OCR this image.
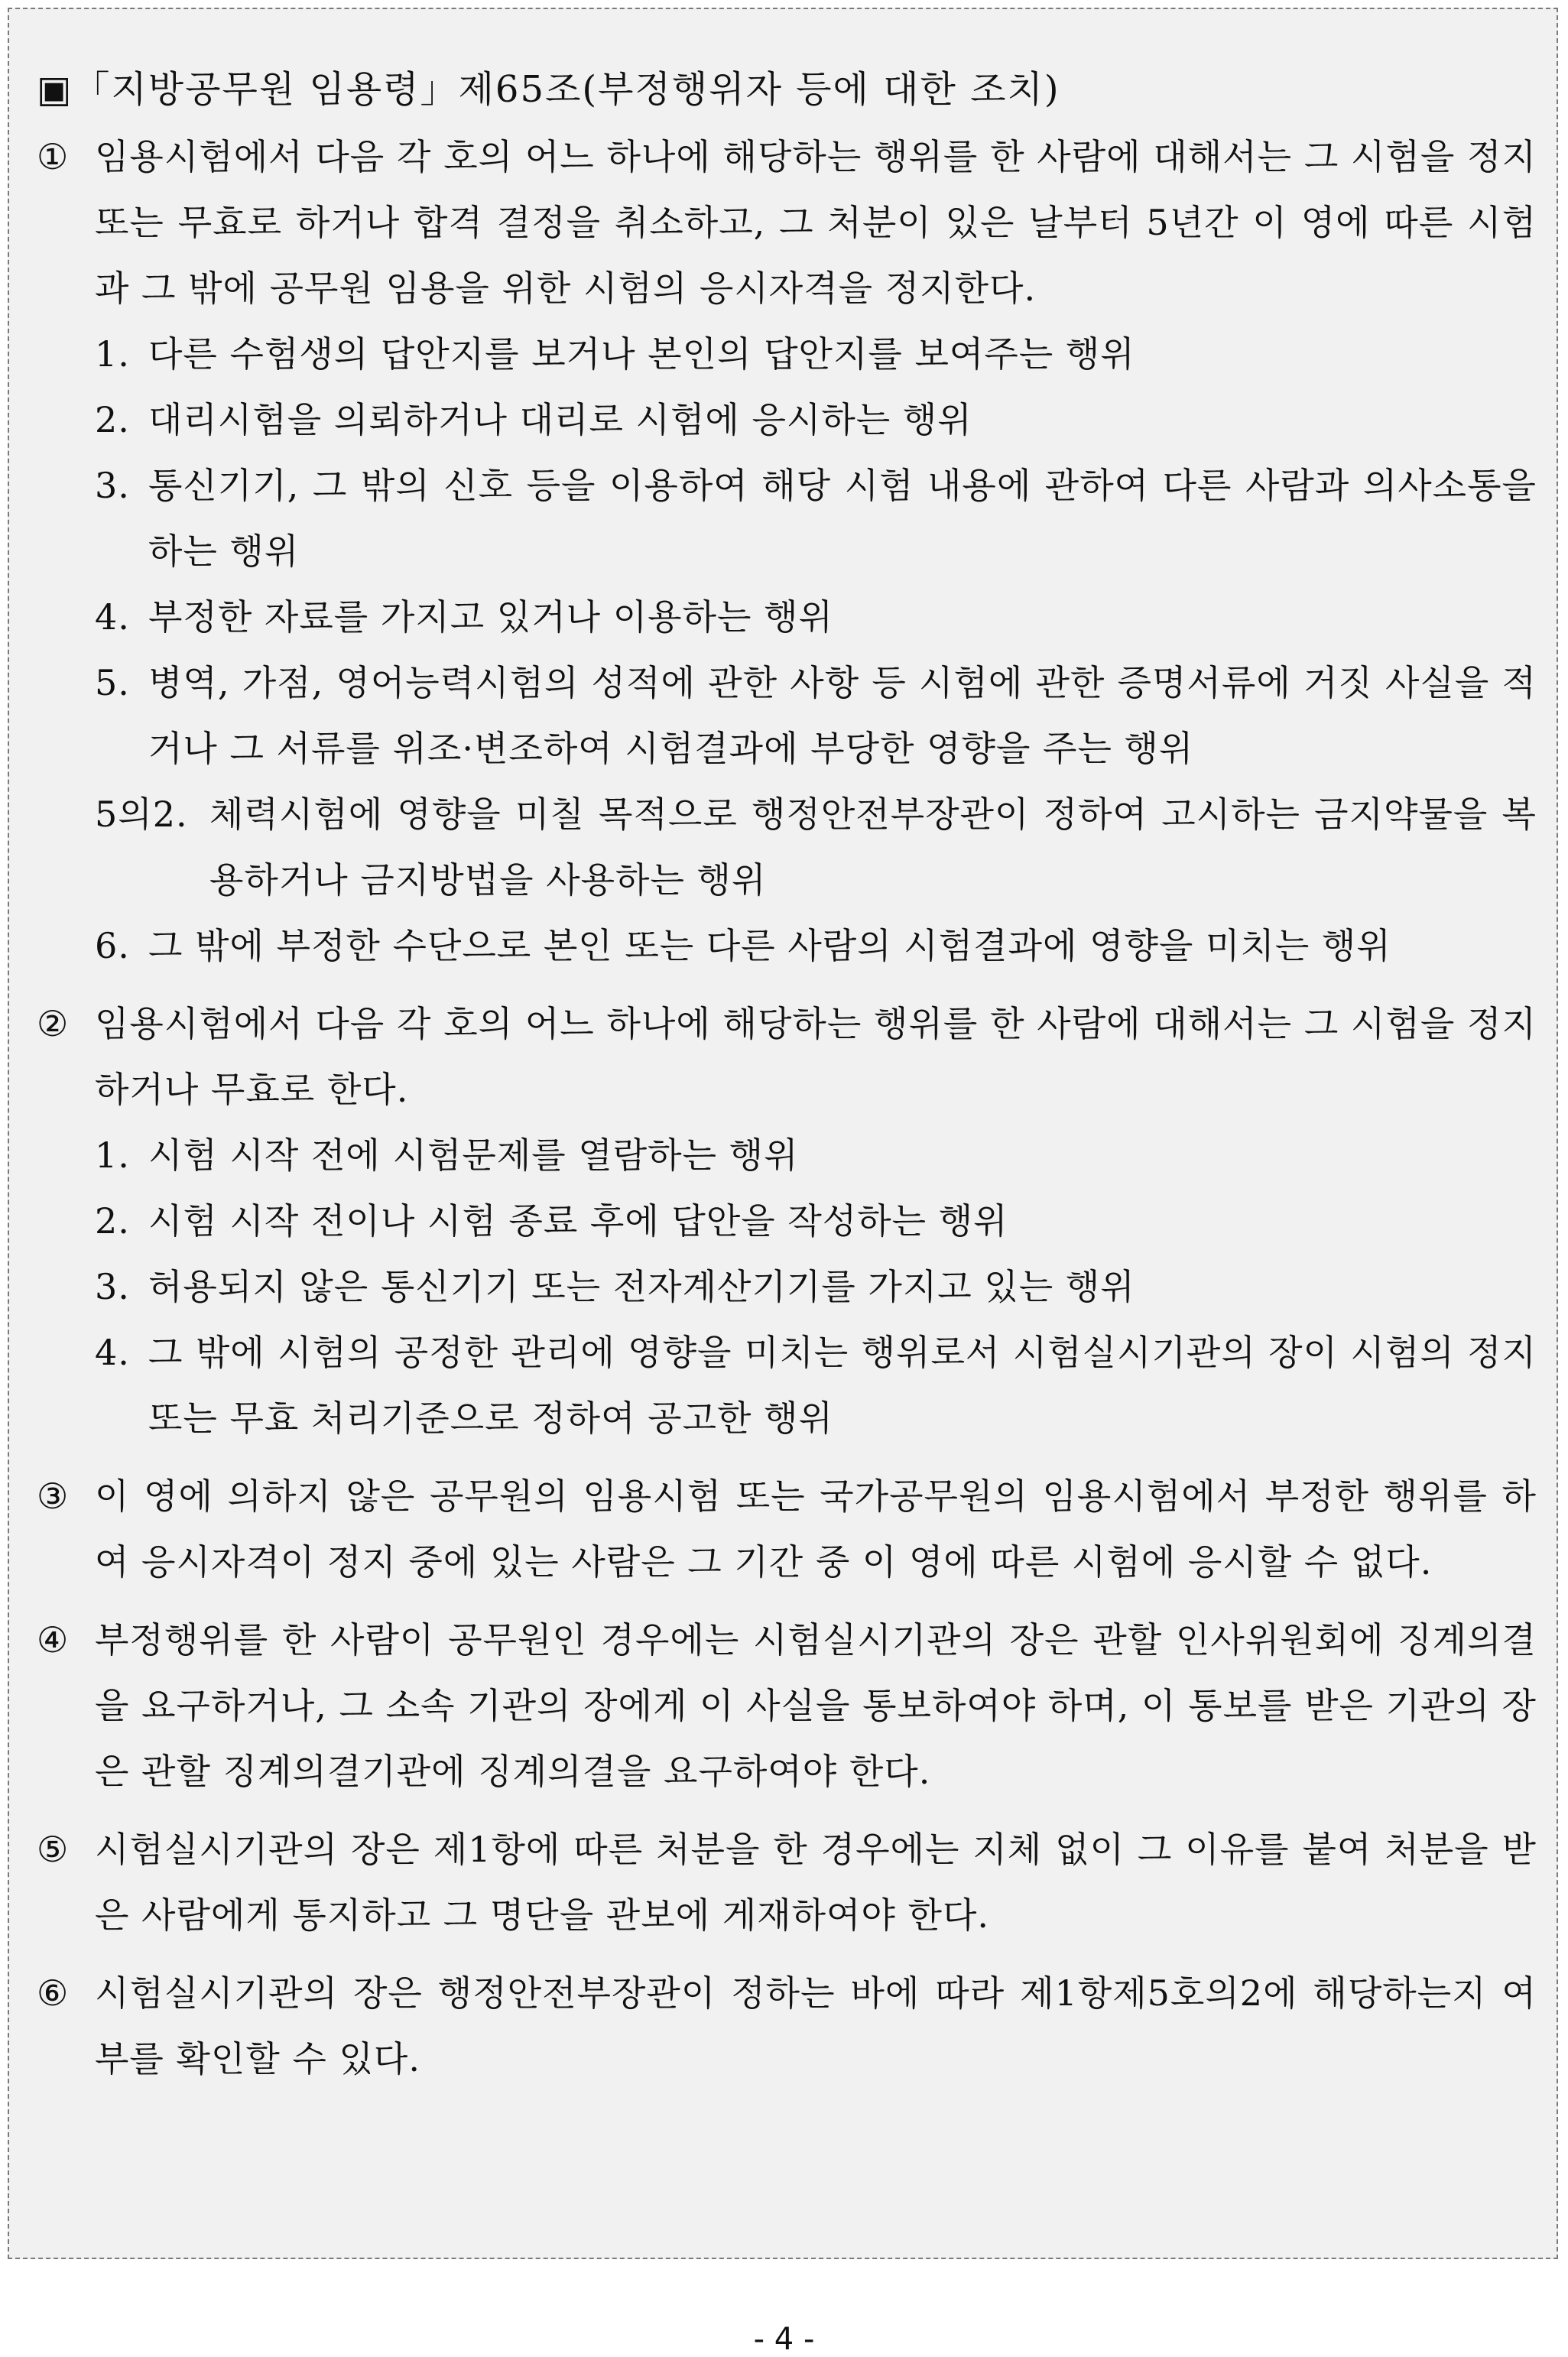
▣「지방공무원 임용령」제65조(부정행위자 등에 대한 조치)
① 임용시험에서 다음 각 호의 어느 하나에 해당하는 행위를 한 사람에 대해서는 그 시험을 정지 또는 무효로 하거나 합격 결정을 취소하고, 그 처분이 있은 날부터 5년간 이 영에 따른 시험과 그 밖에 공무원 임용을 위한 시험의 응시자격을 정지한다.
1. 다른 수험생의 답안지를 보거나 본인의 답안지를 보여주는 행위
2. 대리시험을 의뢰하거나 대리로 시험에 응시하는 행위
3. 통신기기, 그 밖의 신호 등을 이용하여 해당 시험 내용에 관하여 다른 사람과 의사소통을 하는 행위
4. 부정한 자료를 가지고 있거나 이용하는 행위
5. 병역, 가점, 영어능력시험의 성적에 관한 사항 등 시험에 관한 증명서류에 거짓 사실을 적거나 그 서류를 위조·변조하여 시험결과에 부당한 영향을 주는 행위
5의2. 체력시험에 영향을 미칠 목적으로 행정안전부장관이 정하여 고시하는 금지약물을 복용하거나 금지방법을 사용하는 행위
6. 그 밖에 부정한 수단으로 본인 또는 다른 사람의 시험결과에 영향을 미치는 행위
② 임용시험에서 다음 각 호의 어느 하나에 해당하는 행위를 한 사람에 대해서는 그 시험을 정지하거나 무효로 한다.
1. 시험 시작 전에 시험문제를 열람하는 행위
2. 시험 시작 전이나 시험 종료 후에 답안을 작성하는 행위
3. 허용되지 않은 통신기기 또는 전자계산기기를 가지고 있는 행위
4. 그 밖에 시험의 공정한 관리에 영향을 미치는 행위로서 시험실시기관의 장이 시험의 정지 또는 무효 처리기준으로 정하여 공고한 행위
③ 이 영에 의하지 않은 공무원의 임용시험 또는 국가공무원의 임용시험에서 부정한 행위를 하여 응시자격이 정지 중에 있는 사람은 그 기간 중 이 영에 따른 시험에 응시할 수 없다.
④ 부정행위를 한 사람이 공무원인 경우에는 시험실시기관의 장은 관할 인사위원회에 징계의결을 요구하거나, 그 소속 기관의 장에게 이 사실을 통보하여야 하며, 이 통보를 받은 기관의 장은 관할 징계의결기관에 징계의결을 요구하여야 한다.
⑤ 시험실시기관의 장은 제1항에 따른 처분을 한 경우에는 지체 없이 그 이유를 붙여 처분을 받은 사람에게 통지하고 그 명단을 관보에 게재하여야 한다.
⑥ 시험실시기관의 장은 행정안전부장관이 정하는 바에 따라 제1항제5호의2에 해당하는지 여부를 확인할 수 있다.
- 4 -
